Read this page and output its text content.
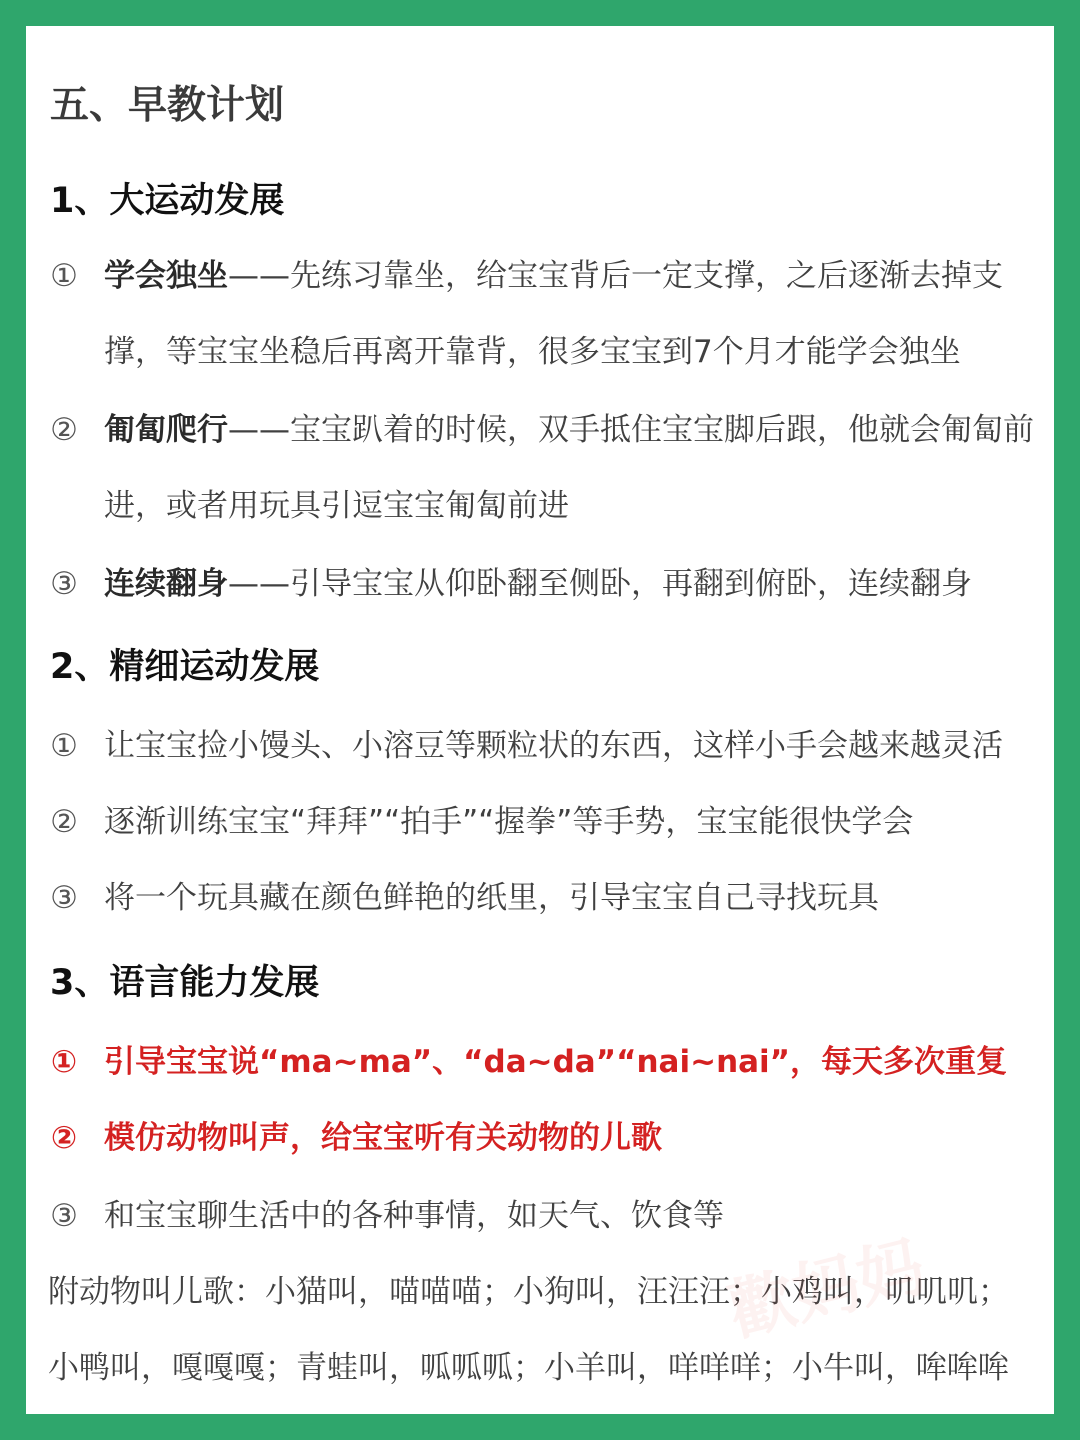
五、早教计划
1、大运动发展
① 学会独坐——先练习靠坐，给宝宝背后一定支撑，之后逐渐去掉支撑，等宝宝坐稳后再离开靠背，很多宝宝到7个月才能学会独坐
② 匍匐爬行——宝宝趴着的时候，双手抵住宝宝脚后跟，他就会匍匐前进，或者用玩具引逗宝宝匍匐前进
③ 连续翻身——引导宝宝从仰卧翻至侧卧，再翻到俯卧，连续翻身
2、精细运动发展
① 让宝宝捡小馒头、小溶豆等颗粒状的东西，这样小手会越来越灵活
② 逐渐训练宝宝“拜拜”“拍手”“握拳”等手势，宝宝能很快学会
③ 将一个玩具藏在颜色鲜艳的纸里，引导宝宝自己寻找玩具
3、语言能力发展
① 引导宝宝说“ma~ma”、“da~da”“nai~nai”，每天多次重复
② 模仿动物叫声，给宝宝听有关动物的儿歌
③ 和宝宝聊生活中的各种事情，如天气、饮食等
附动物叫儿歌：小猫叫，喵喵喵；小狗叫，汪汪汪；小鸡叫，叽叽叽；
小鸭叫，嘎嘎嘎；青蛙叫，呱呱呱；小羊叫，咩咩咩；小牛叫，哞哞哞
歡妈妈
